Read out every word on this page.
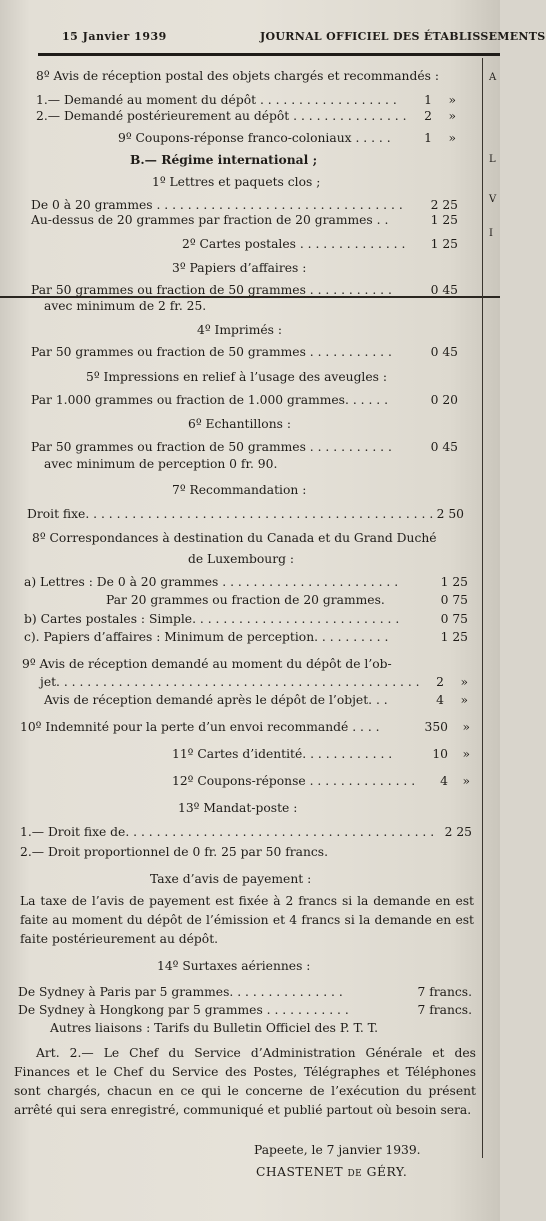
15 Janvier 1939	JOURNAL OFFICIEL DES ÉTABLISSEMENTS
A
L
V
I
8º Avis de réception postal des objets chargés et recommandés :
1.— Demandé au moment du dépôt . . . . . . . . . . . . . . . . . .	1	»
2.— Demandé postérieurement au dépôt . . . . . . . . . . . . . . .	2	»
9º Coupons-réponse franco-coloniaux . . . . .	1	»
B.— Régime international ;
1º Lettres et paquets clos ;
De 0 à 20 grammes . . . . . . . . . . . . . . . . . . . . . . . . . . . . . . . .	2 25
Au-dessus de 20 grammes par fraction de 20 grammes . .	1 25
2º Cartes postales . . . . . . . . . . . . . .	1 25
3º Papiers d’affaires :
Par 50 grammes ou fraction de 50 grammes . . . . . . . . . . .	0 45
avec minimum de 2 fr. 25.
4º Imprimés :
Par 50 grammes ou fraction de 50 grammes . . . . . . . . . . .	0 45
5º Impressions en relief à l’usage des aveugles :
Par 1.000 grammes ou fraction de 1.000 grammes. . . . . .	0 20
6º Echantillons :
Par 50 grammes ou fraction de 50 grammes . . . . . . . . . . .	0 45
avec minimum de perception 0 fr. 90.
7º Recommandation :
Droit fixe. . . . . . . . . . . . . . . . . . . . . . . . . . . . . . . . . . . . . . . . . . . . . 2 50
8º Correspondances à destination du Canada et du Grand Duché
de Luxembourg :
a) Lettres : De 0 à 20 grammes . . . . . . . . . . . . . . . . . . . . . . .	1 25
Par 20 grammes ou fraction de 20 grammes.	0 75
b) Cartes postales : Simple. . . . . . . . . . . . . . . . . . . . . . . . . . .	0 75
c). Papiers d’affaires : Minimum de perception. . . . . . . . . .	1 25
9º Avis de réception demandé au moment du dépôt de l’ob-
jet. . . . . . . . . . . . . . . . . . . . . . . . . . . . . . . . . . . . . . . . . . . . . . .	2	»
Avis de réception demandé après le dépôt de l’objet. . .	4	»
10º Indemnité pour la perte d’un envoi recommandé . . . .	350	»
11º Cartes d’identité. . . . . . . . . . . .	10	»
12º Coupons-réponse . . . . . . . . . . . . . .	4	»
13º Mandat-poste :
1.— Droit fixe de. . . . . . . . . . . . . . . . . . . . . . . . . . . . . . . . . . . . . . . . 2 25
2.— Droit proportionnel de 0 fr. 25 par 50 francs.
Taxe d’avis de payement :
La taxe de l’avis de payement est fixée à 2 francs si la demande en est faite au moment du dépôt de l’émission et 4 francs si la demande en est faite postérieurement au dépôt.
14º Surtaxes aériennes :
De Sydney à Paris par 5 grammes. . . . . . . . . . . . . . .	7 francs.
De Sydney à Hongkong par 5 grammes . . . . . . . . . . .	7 francs.
Autres liaisons : Tarifs du Bulletin Officiel des P. T. T.
Art. 2.— Le Chef du Service d’Administration Générale et des Finances et le Chef du Service des Postes, Télégraphes et Téléphones sont chargés, chacun en ce qui le concerne de l’exécution du présent arrêté qui sera enregistré, communiqué et publié partout où besoin sera.
Papeete, le 7 janvier 1939.
CHASTENET de GÉRY.
